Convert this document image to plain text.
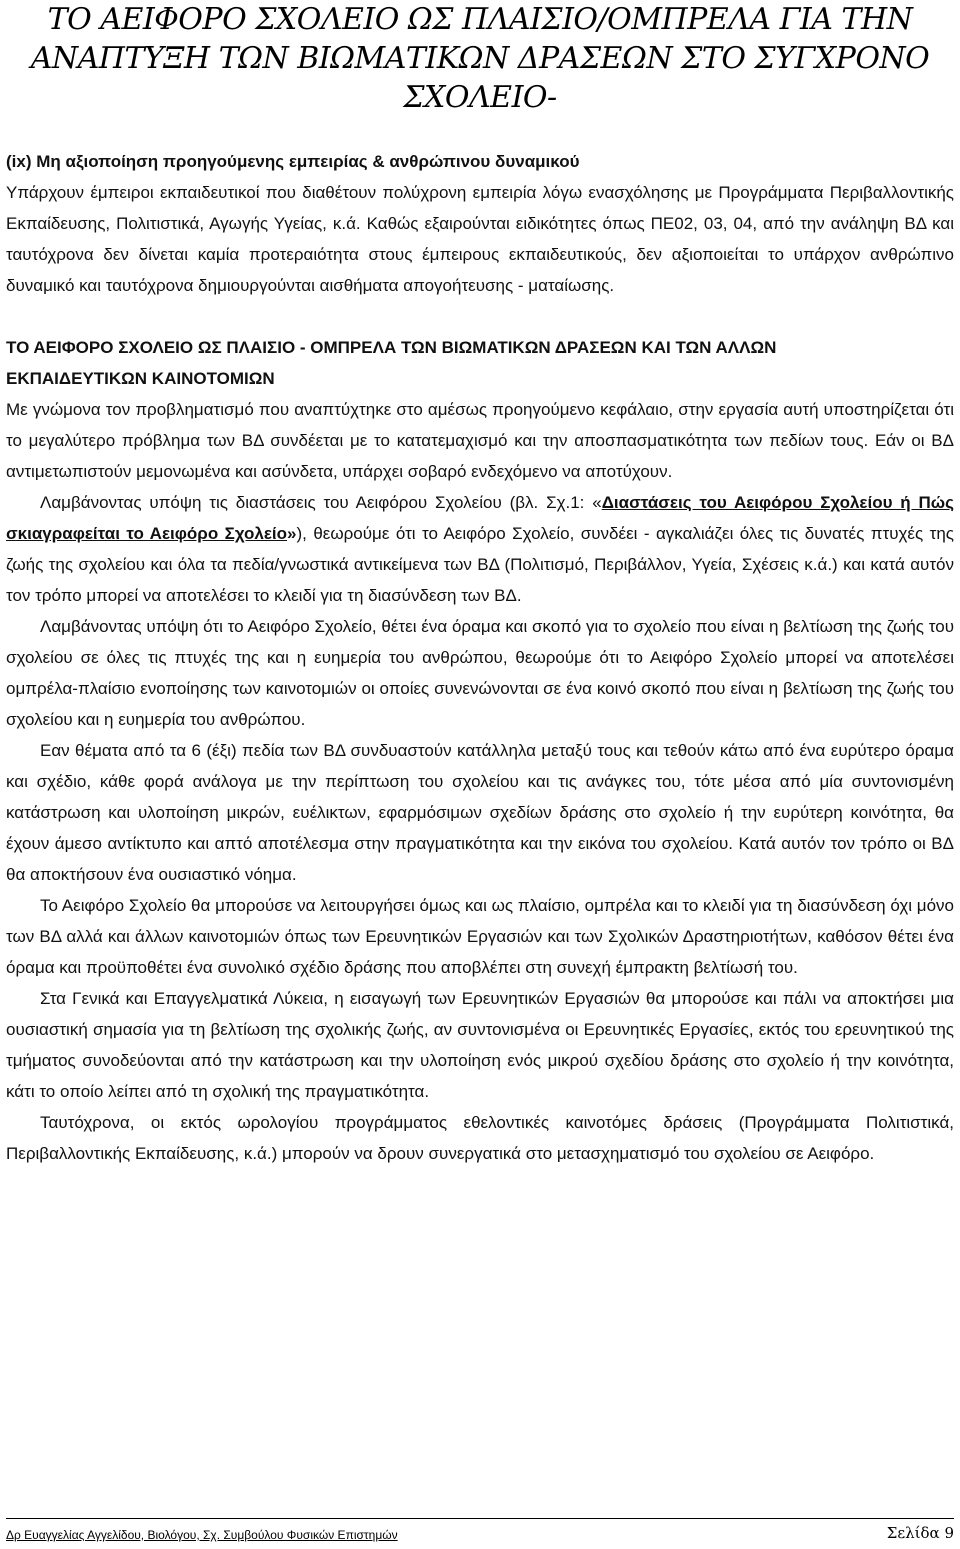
ΤΟ ΑΕΙΦΟΡΟ ΣΧΟΛΕΙΟ ΩΣ ΠΛΑΙΣΙΟ/ΟΜΠΡΕΛΑ ΓΙΑ ΤΗΝ
ΑΝΑΠΤΥΞΗ ΤΩΝ ΒΙΩΜΑΤΙΚΩΝ ΔΡΑΣΕΩΝ ΣΤΟ ΣΥΓΧΡΟΝΟ
ΣΧΟΛΕΙΟ-

(ix) Μη αξιοποίηση προηγούμενης εμπειρίας & ανθρώπινου δυναμικού

Υπάρχουν έμπειροι εκπαιδευτικοί που διαθέτουν πολύχρονη εμπειρία λόγω ενασχόλησης με Προγράμματα Περιβαλλοντικής Εκπαίδευσης, Πολιτιστικά, Αγωγής Υγείας, κ.ά. Καθώς εξαιρούνται ειδικότητες όπως ΠΕ02, 03, 04, από την ανάληψη ΒΔ και ταυτόχρονα δεν δίνεται καμία προτεραιότητα στους έμπειρους εκπαιδευτικούς, δεν αξιοποιείται το υπάρχον ανθρώπινο δυναμικό και ταυτόχρονα δημιουργούνται αισθήματα απογοήτευσης - ματαίωσης.

ΤΟ ΑΕΙΦΟΡΟ ΣΧΟΛΕΙΟ ΩΣ ΠΛΑΙΣΙΟ - ΟΜΠΡΕΛΑ ΤΩΝ ΒΙΩΜΑΤΙΚΩΝ ΔΡΑΣΕΩΝ ΚΑΙ ΤΩΝ ΑΛΛΩΝ
ΕΚΠΑΙΔΕΥΤΙΚΩΝ ΚΑΙΝΟΤΟΜΙΩΝ

Με γνώμονα τον προβληματισμό που αναπτύχτηκε στο αμέσως προηγούμενο κεφάλαιο, στην εργασία αυτή υποστηρίζεται ότι το μεγαλύτερο πρόβλημα των ΒΔ συνδέεται με το κατατεμαχισμό και την αποσπασματικότητα των πεδίων τους. Εάν οι ΒΔ αντιμετωπιστούν μεμονωμένα και ασύνδετα, υπάρχει σοβαρό ενδεχόμενο να αποτύχουν.

Λαμβάνοντας υπόψη τις διαστάσεις του Αειφόρου Σχολείου (βλ. Σχ.1: «Διαστάσεις του Αειφόρου Σχολείου ή Πώς σκιαγραφείται το Αειφόρο Σχολείο»), θεωρούμε ότι το Αειφόρο Σχολείο, συνδέει - αγκαλιάζει όλες τις δυνατές πτυχές της ζωής της σχολείου και όλα τα πεδία/γνωστικά αντικείμενα των ΒΔ (Πολιτισμό, Περιβάλλον, Υγεία, Σχέσεις κ.ά.) και κατά αυτόν τον τρόπο μπορεί να αποτελέσει το κλειδί για τη διασύνδεση των ΒΔ.

Λαμβάνοντας υπόψη ότι το Αειφόρο Σχολείο, θέτει ένα όραμα και σκοπό για το σχολείο που είναι η βελτίωση της ζωής του σχολείου σε όλες τις πτυχές της και η ευημερία του ανθρώπου, θεωρούμε ότι το Αειφόρο Σχολείο μπορεί να αποτελέσει ομπρέλα-πλαίσιο ενοποίησης των καινοτομιών οι οποίες συνενώνονται σε ένα κοινό σκοπό που είναι η βελτίωση της ζωής του σχολείου και η ευημερία του ανθρώπου.

Εαν θέματα από τα 6 (έξι) πεδία των ΒΔ συνδυαστούν κατάλληλα μεταξύ τους και τεθούν κάτω από ένα ευρύτερο όραμα και σχέδιο, κάθε φορά ανάλογα με την περίπτωση του σχολείου και τις ανάγκες του, τότε μέσα από μία συντονισμένη κατάστρωση και υλοποίηση μικρών, ευέλικτων, εφαρμόσιμων σχεδίων δράσης στο σχολείο ή την ευρύτερη κοινότητα, θα έχουν άμεσο αντίκτυπο και απτό αποτέλεσμα στην πραγματικότητα και την εικόνα του σχολείου. Κατά αυτόν τον τρόπο οι ΒΔ θα αποκτήσουν ένα ουσιαστικό νόημα.

Το Αειφόρο Σχολείο θα μπορούσε να λειτουργήσει όμως και ως πλαίσιο, ομπρέλα και το κλειδί για τη διασύνδεση όχι μόνο των ΒΔ αλλά και άλλων καινοτομιών όπως των Ερευνητικών Εργασιών και των Σχολικών Δραστηριοτήτων, καθόσον θέτει ένα όραμα και προϋποθέτει ένα συνολικό σχέδιο δράσης που αποβλέπει στη συνεχή έμπρακτη βελτίωσή του.

Στα Γενικά και Επαγγελματικά Λύκεια, η εισαγωγή των Ερευνητικών Εργασιών θα μπορούσε και πάλι να αποκτήσει μια ουσιαστική σημασία για τη βελτίωση της σχολικής ζωής, αν συντονισμένα οι Ερευνητικές Εργασίες, εκτός του ερευνητικού της τμήματος συνοδεύονται από την κατάστρωση και την υλοποίηση ενός μικρού σχεδίου δράσης στο σχολείο ή την κοινότητα, κάτι το οποίο λείπει από τη σχολική της πραγματικότητα.

Ταυτόχρονα, οι εκτός ωρολογίου προγράμματος εθελοντικές καινοτόμες δράσεις (Προγράμματα Πολιτιστικά, Περιβαλλοντικής Εκπαίδευσης, κ.ά.) μπορούν να δρουν συνεργατικά στο μετασχηματισμό του σχολείου σε Αειφόρο.

Δρ Ευαγγελίας Αγγελίδου, Βιολόγου, Σχ. Συμβούλου Φυσικών Επιστημών	Σελίδα 9
